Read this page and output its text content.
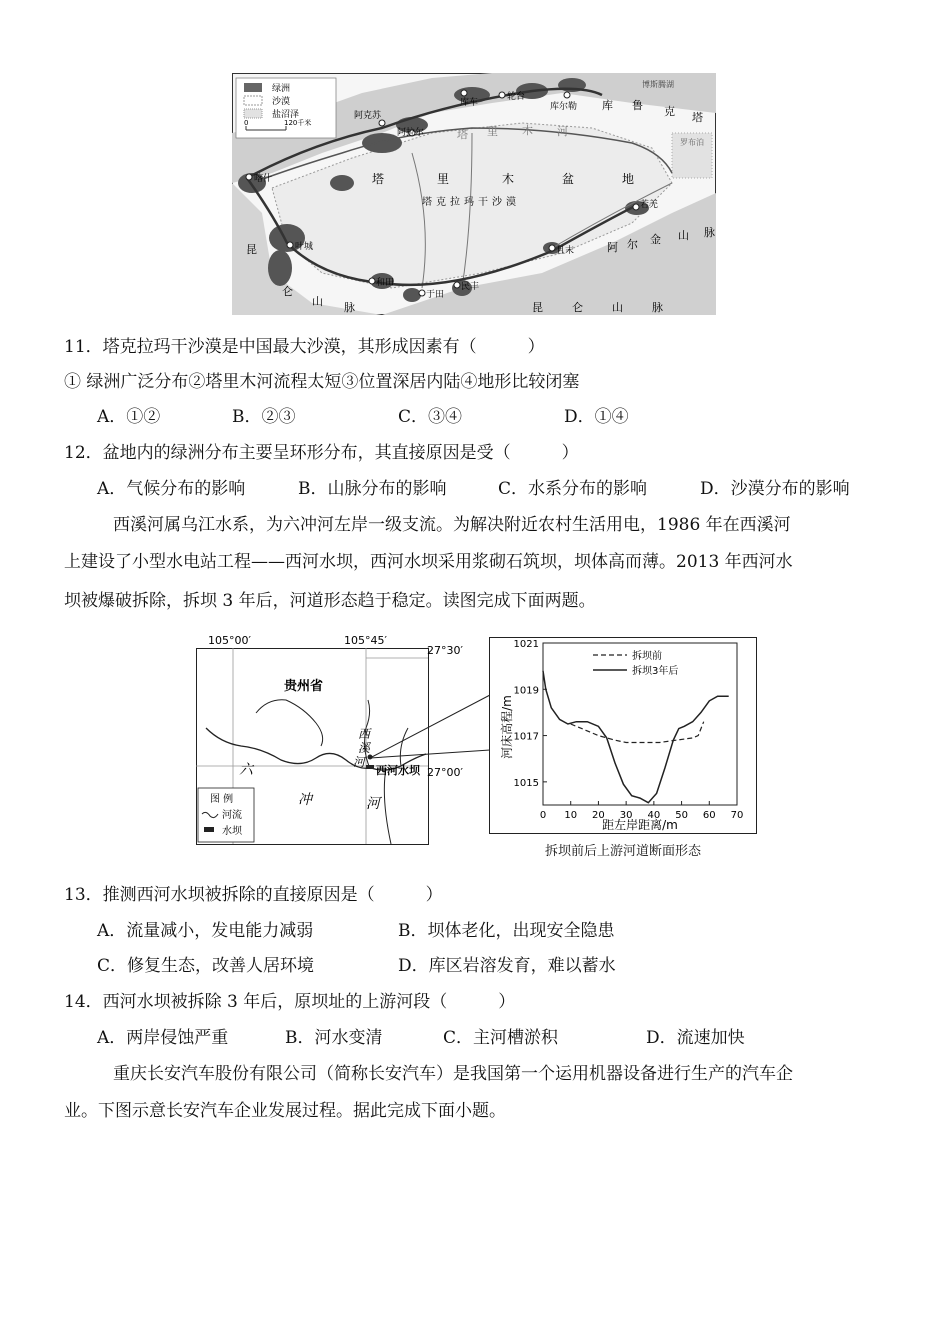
绿洲
沙漠
盐沼泽
0	120千米
塔	里	木	盆	地
塔克拉玛干沙漠
塔 里 木 河
喀什
阿克苏
阿拉尔
库车
轮台
库尔勒
叶城
和田
于田
民丰
且末
若羌
博斯腾湖
罗布泊
库 鲁 克 塔
昆
仑
山 脉
阿 尔 金 山 脉
昆	仑	山	脉
11．塔克拉玛干沙漠是中国最大沙漠，其形成因素有（　　　）
① 绿洲广泛分布②塔里木河流程太短③位置深居内陆④地形比较闭塞
A．①②	B．②③	C．③④	D．①④
12．盆地内的绿洲分布主要呈环形分布，其直接原因是受（　　　）
A．气候分布的影响	B．山脉分布的影响	C．水系分布的影响	D．沙漠分布的影响
西溪河属乌江水系，为六冲河左岸一级支流。为解决附近农村生活用电，1986 年在西溪河
上建设了小型水电站工程——西河水坝，西河水坝采用浆砌石筑坝，坝体高而薄。2013 年西河水
坝被爆破拆除，拆坝 3 年后，河道形态趋于稳定。读图完成下面两题。
105°00′	105°45′
27°30′
27°00′
贵州省
西河水坝
西
溪
河
六
冲	河
图 例
河流
水坝
0 10 20 30 40 50 60 70
1015
1017
1019
1021
拆坝前
拆坝3年后
河床高程/m
距左岸距离/m
拆坝前后上游河道断面形态
13．推测西河水坝被拆除的直接原因是（　　　）
A．流量减小，发电能力减弱	B．坝体老化，出现安全隐患
C．修复生态，改善人居环境	D．库区岩溶发育，难以蓄水
14．西河水坝被拆除 3 年后，原坝址的上游河段（　　　）
A．两岸侵蚀严重	B．河水变清	C．主河槽淤积	D．流速加快
重庆长安汽车股份有限公司（简称长安汽车）是我国第一个运用机器设备进行生产的汽车企
业。下图示意长安汽车企业发展过程。据此完成下面小题。
